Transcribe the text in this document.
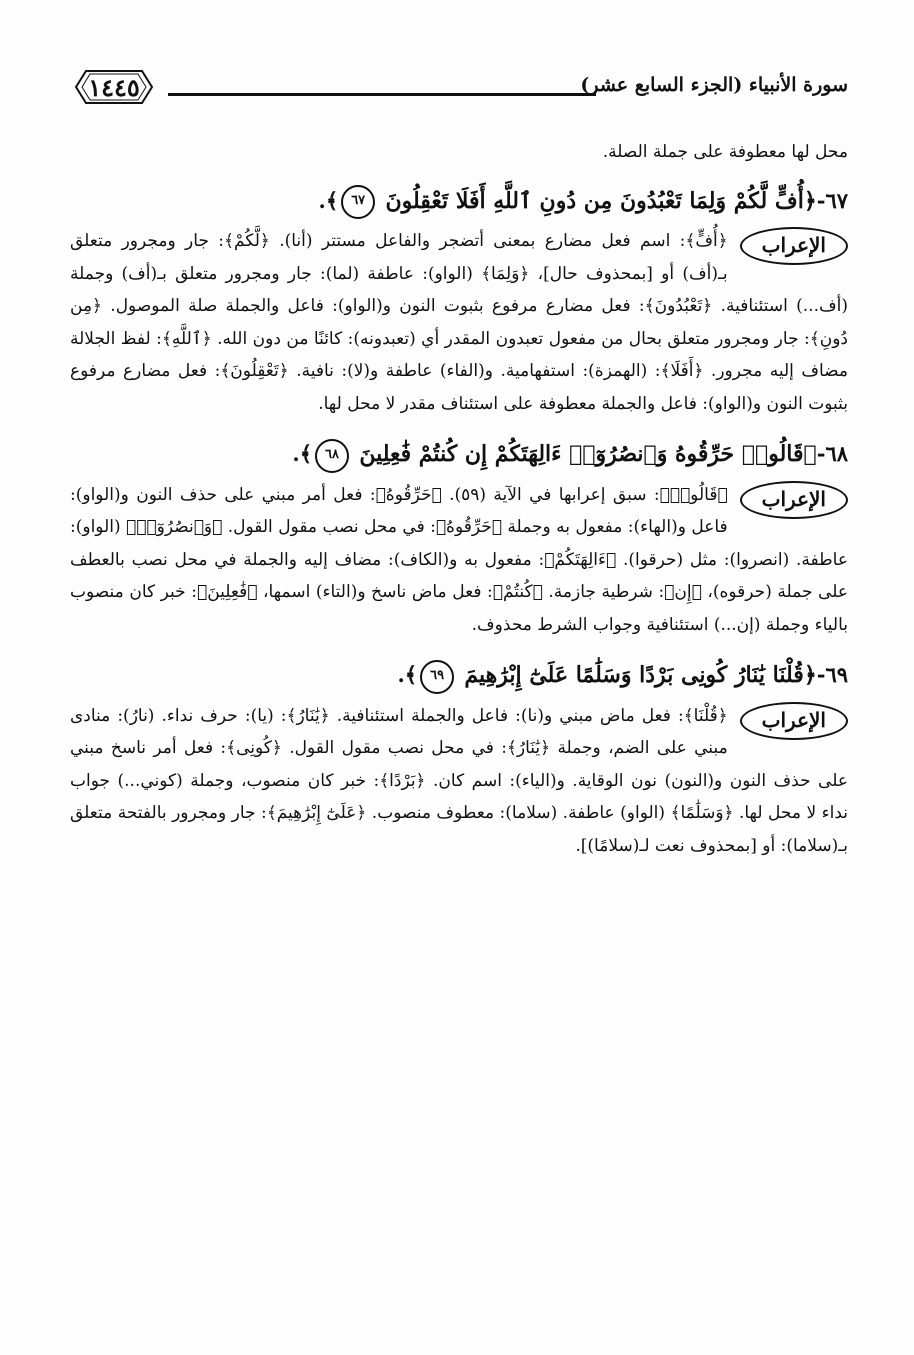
١٤٤٥	سورة الأنبياء (الجزء السابع عشر)

محل لها معطوفة على جملة الصلة.

٦٧-﴿أُفٍّ لَّكُمْ وَلِمَا تَعْبُدُونَ مِن دُونِ ٱللَّهِ أَفَلَا تَعْقِلُونَ ٦٧﴾.

الإعراب

﴿أُفٍّ﴾: اسم فعل مضارع بمعنى أتضجر والفاعل مستتر (أنا). ﴿لَّكُمْ﴾: جار ومجرور متعلق بـ(أف) أو [بمحذوف حال]، ﴿وَلِمَا﴾ (الواو): عاطفة (لما): جار ومجرور متعلق بـ(أف) وجملة (أف...) استئنافية. ﴿تَعْبُدُونَ﴾: فعل مضارع مرفوع بثبوت النون و(الواو): فاعل والجملة صلة الموصول. ﴿مِن دُونِ﴾: جار ومجرور متعلق بحال من مفعول تعبدون المقدر أي (تعبدونه): كائنًا من دون الله. ﴿ٱللَّهِ﴾: لفظ الجلالة مضاف إليه مجرور. ﴿أَفَلَا﴾: (الهمزة): استفهامية. و(الفاء) عاطفة و(لا): نافية. ﴿تَعْقِلُونَ﴾: فعل مضارع مرفوع بثبوت النون و(الواو): فاعل والجملة معطوفة على استئناف مقدر لا محل لها.

٦٨-﴿قَالُوا۟ حَرِّقُوهُ وَٱنصُرُوٓا۟ ءَالِهَتَكُمْ إِن كُنتُمْ فَٰعِلِينَ ٦٨﴾.

الإعراب

﴿قَالُوا۟﴾: سبق إعرابها في الآية (٥٩). ﴿حَرِّقُوهُ﴾: فعل أمر مبني على حذف النون و(الواو): فاعل و(الهاء): مفعول به وجملة ﴿حَرِّقُوهُ﴾: في محل نصب مقول القول. ﴿وَٱنصُرُوٓا۟﴾ (الواو): عاطفة. (انصروا): مثل (حرقوا). ﴿ءَالِهَتَكُمْ﴾: مفعول به و(الكاف): مضاف إليه والجملة في محل نصب بالعطف على جملة (حرقوه)، ﴿إِن﴾: شرطية جازمة. ﴿كُنتُمْ﴾: فعل ماض ناسخ و(التاء) اسمها، ﴿فَٰعِلِينَ﴾: خبر كان منصوب بالياء وجملة (إن...) استئنافية وجواب الشرط محذوف.

٦٩-﴿قُلْنَا يَٰنَارُ كُونِى بَرْدًا وَسَلَٰمًا عَلَىٰٓ إِبْرَٰهِيمَ ٦٩﴾.

الإعراب

﴿قُلْنَا﴾: فعل ماض مبني و(نا): فاعل والجملة استئنافية. ﴿يَٰنَارُ﴾: (يا): حرف نداء. (نارُ): منادى مبني على الضم، وجملة ﴿يَٰنَارُ﴾: في محل نصب مقول القول. ﴿كُونِى﴾: فعل أمر ناسخ مبني على حذف النون و(النون) نون الوقاية. و(الياء): اسم كان. ﴿بَرْدًا﴾: خبر كان منصوب، وجملة (كوني...) جواب نداء لا محل لها. ﴿وَسَلَٰمًا﴾ (الواو) عاطفة. (سلاما): معطوف منصوب. ﴿عَلَىٰٓ إِبْرَٰهِيمَ﴾: جار ومجرور بالفتحة متعلق بـ(سلاما): أو [بمحذوف نعت لـ(سلامًا)].
